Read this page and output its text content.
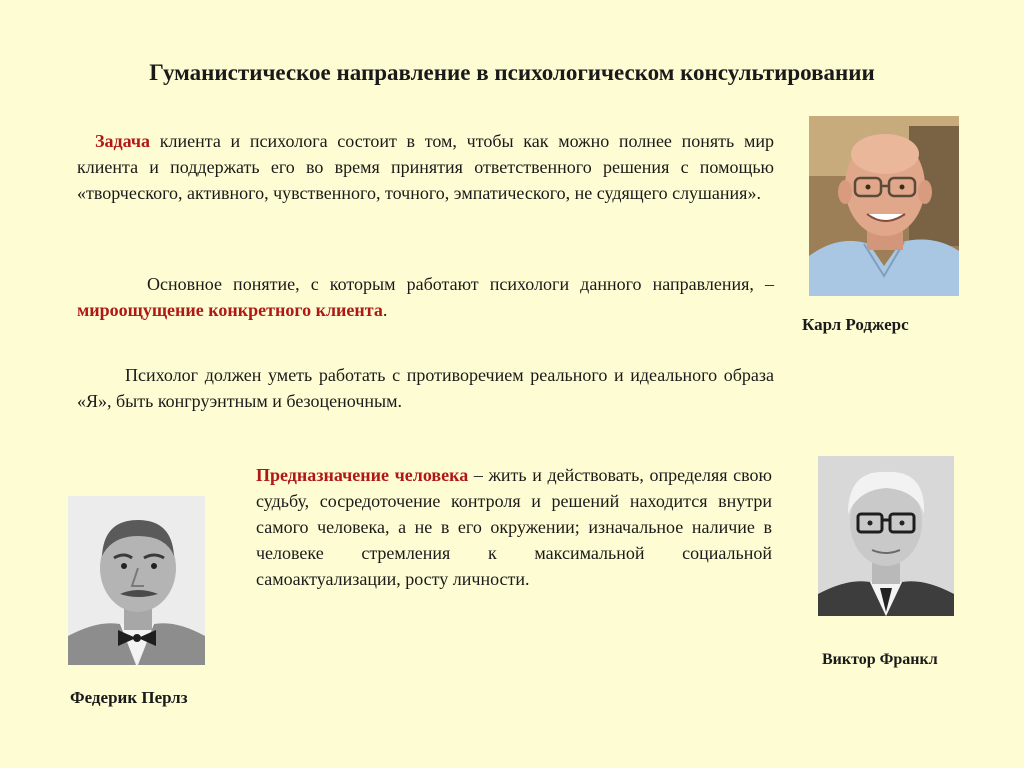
Гуманистическое направление в психологическом консультировании
Задача клиента и психолога состоит в том, чтобы как можно полнее понять мир клиента и поддержать его во время принятия ответственного решения с помощью «творческого, активного, чувственного, точного, эмпатического, не судящего слушания».
Основное понятие, с которым работают психологи данного направления, – мироощущение конкретного клиента.
Психолог должен уметь работать с противоречием реального и идеального образа «Я», быть конгруэнтным и безоценочным.
Предназначение человека – жить и действовать, определяя свою судьбу, сосредоточение контроля и решений находится внутри самого человека, а не в его окружении; изначальное наличие в человеке стремления к максимальной социальной самоактуализации, росту личности.
Карл Роджерс
Виктор Франкл
Федерик Перлз
